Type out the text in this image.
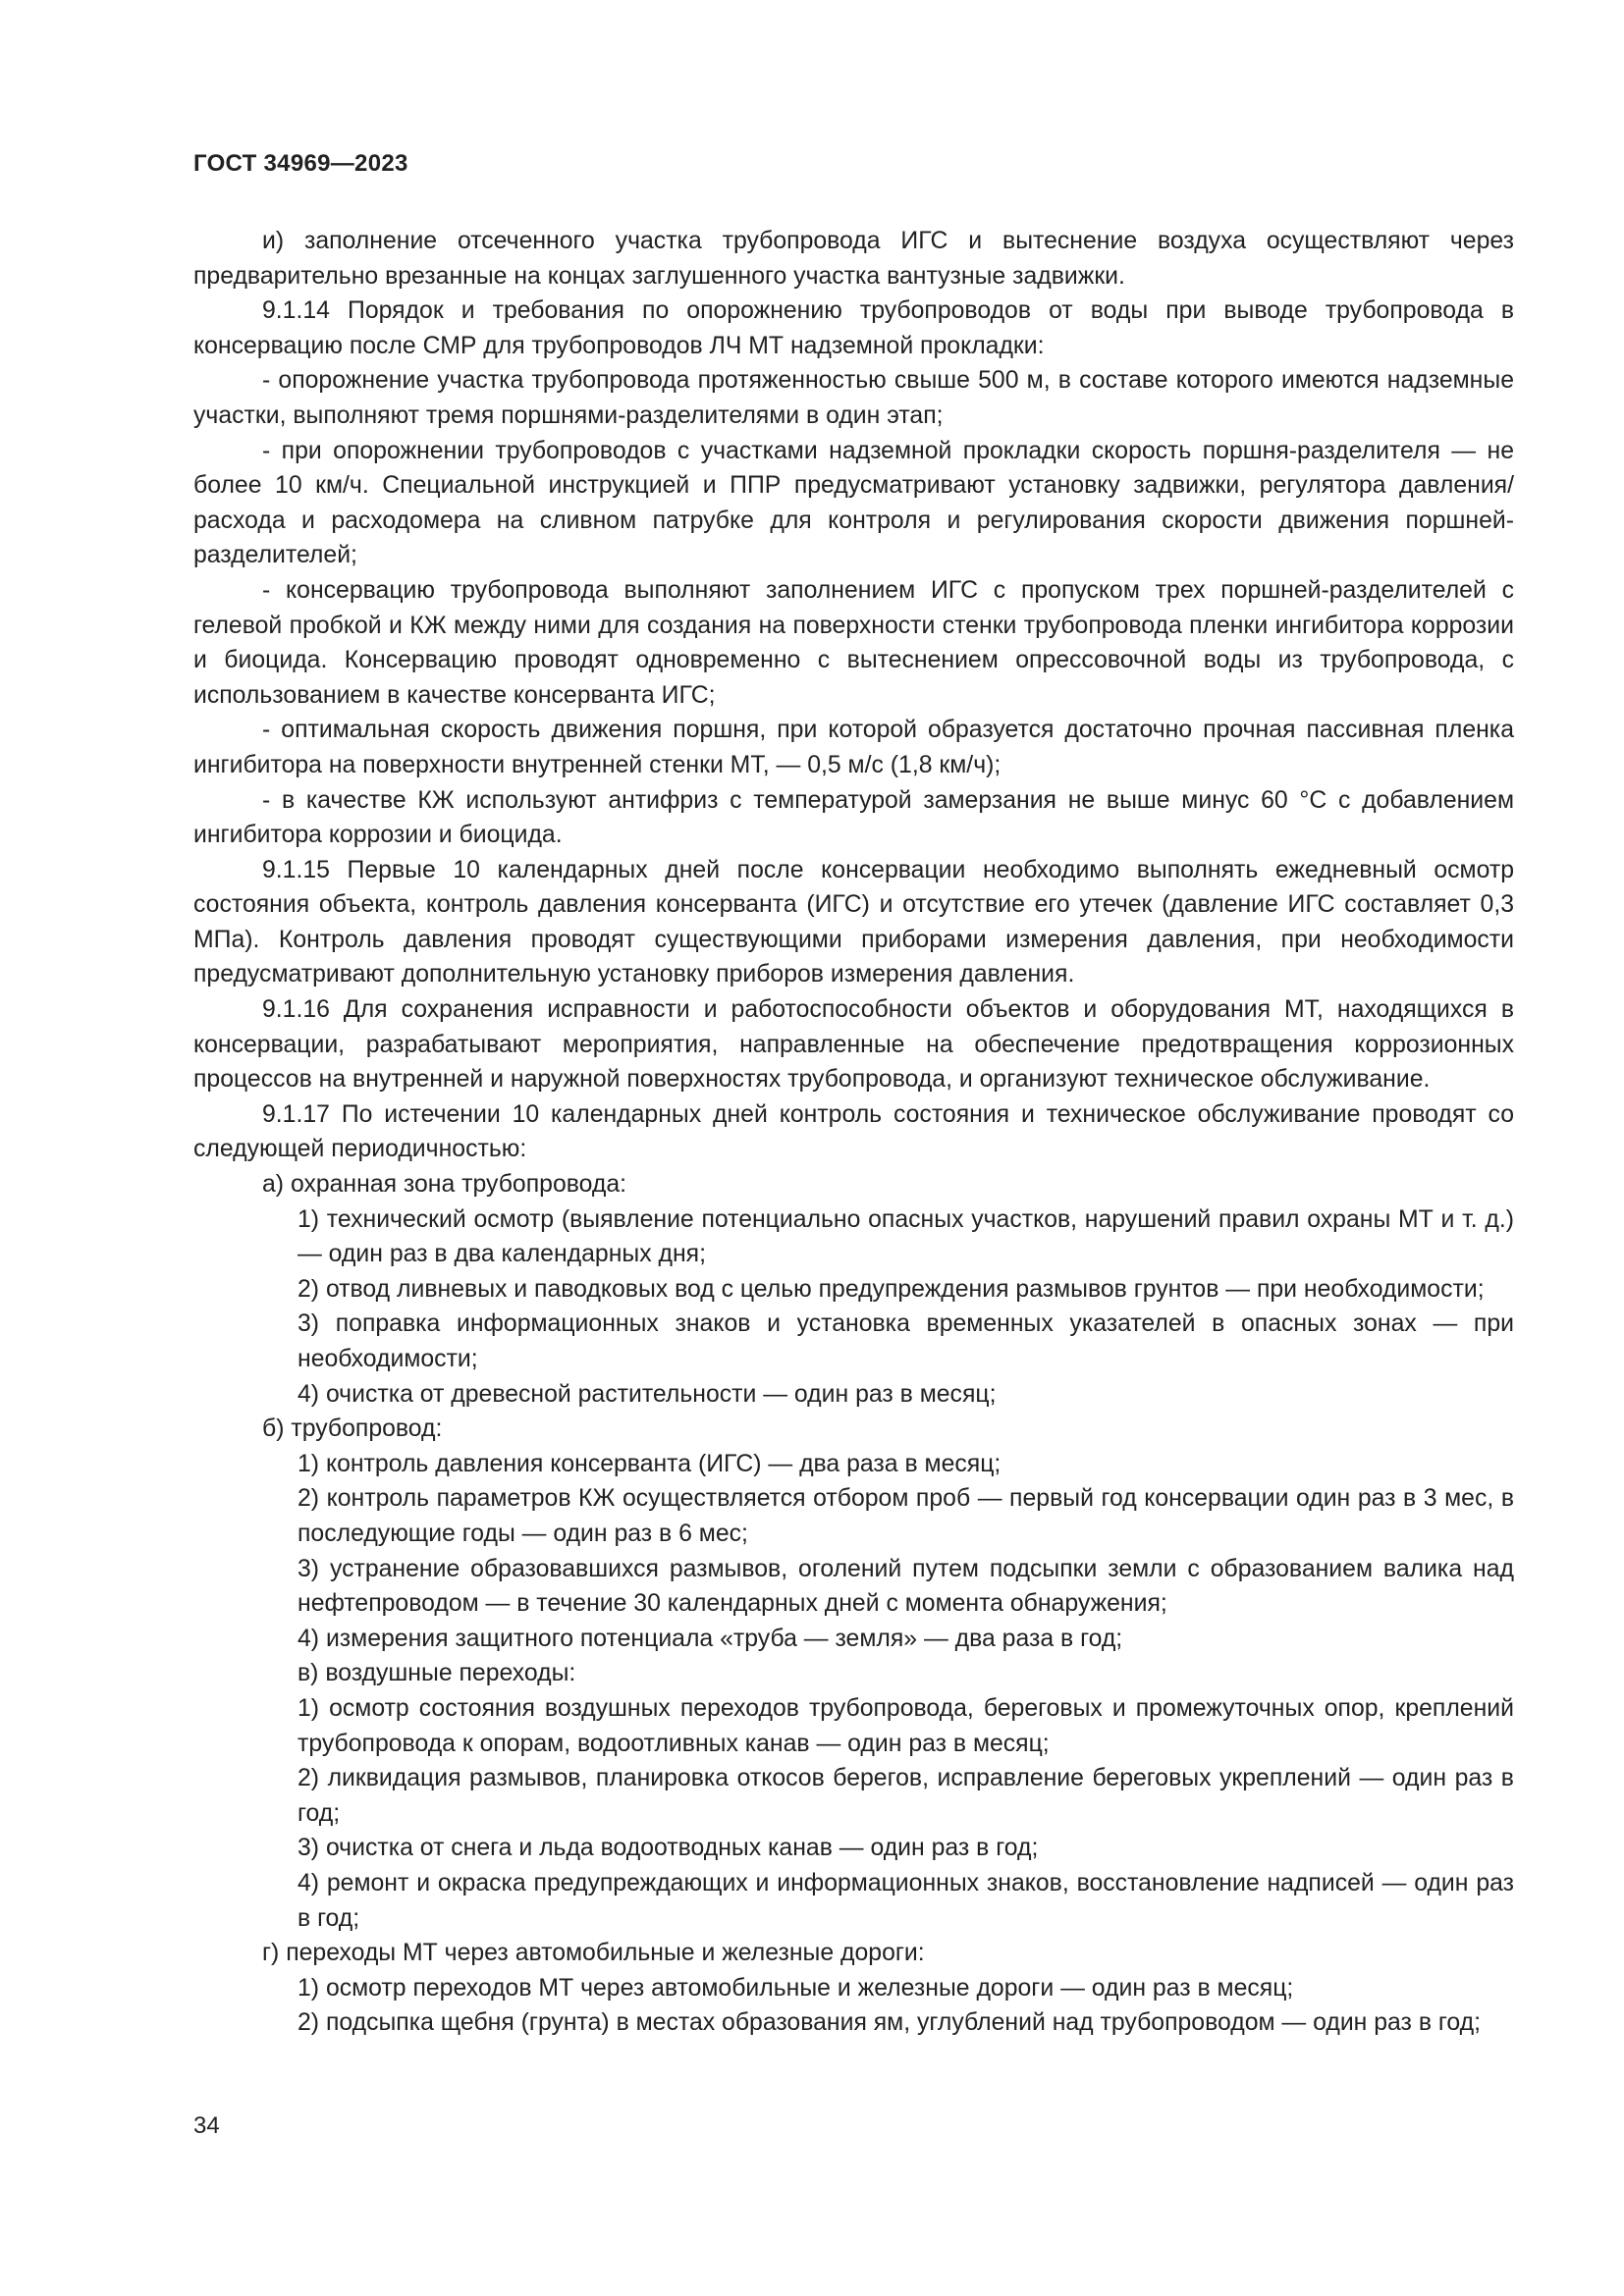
ГОСТ 34969—2023

и) заполнение отсеченного участка трубопровода ИГС и вытеснение воздуха осуществляют через предварительно врезанные на концах заглушенного участка вантузные задвижки.

9.1.14 Порядок и требования по опорожнению трубопроводов от воды при выводе трубопровода в консервацию после СМР для трубопроводов ЛЧ МТ надземной прокладки:

- опорожнение участка трубопровода протяженностью свыше 500 м, в составе которого имеются надземные участки, выполняют тремя поршнями-разделителями в один этап;

- при опорожнении трубопроводов с участками надземной прокладки скорость поршня-разделителя — не более 10 км/ч. Специальной инструкцией и ППР предусматривают установку задвижки, регулятора давления/расхода и расходомера на сливном патрубке для контроля и регулирования скорости движения поршней-разделителей;

- консервацию трубопровода выполняют заполнением ИГС с пропуском трех поршней-разделителей с гелевой пробкой и КЖ между ними для создания на поверхности стенки трубопровода пленки ингибитора коррозии и биоцида. Консервацию проводят одновременно с вытеснением опрессовочной воды из трубопровода, с использованием в качестве консерванта ИГС;

- оптимальная скорость движения поршня, при которой образуется достаточно прочная пассивная пленка ингибитора на поверхности внутренней стенки МТ, — 0,5 м/с (1,8 км/ч);

- в качестве КЖ используют антифриз с температурой замерзания не выше минус 60 °С с добавлением ингибитора коррозии и биоцида.

9.1.15 Первые 10 календарных дней после консервации необходимо выполнять ежедневный осмотр состояния объекта, контроль давления консерванта (ИГС) и отсутствие его утечек (давление ИГС составляет 0,3 МПа). Контроль давления проводят существующими приборами измерения давления, при необходимости предусматривают дополнительную установку приборов измерения давления.

9.1.16 Для сохранения исправности и работоспособности объектов и оборудования МТ, находящихся в консервации, разрабатывают мероприятия, направленные на обеспечение предотвращения коррозионных процессов на внутренней и наружной поверхностях трубопровода, и организуют техническое обслуживание.

9.1.17 По истечении 10 календарных дней контроль состояния и техническое обслуживание проводят со следующей периодичностью:

а) охранная зона трубопровода:

1) технический осмотр (выявление потенциально опасных участков, нарушений правил охраны МТ и т. д.) — один раз в два календарных дня;

2) отвод ливневых и паводковых вод с целью предупреждения размывов грунтов — при необходимости;

3) поправка информационных знаков и установка временных указателей в опасных зонах — при необходимости;

4) очистка от древесной растительности — один раз в месяц;

б) трубопровод:

1) контроль давления консерванта (ИГС) — два раза в месяц;

2) контроль параметров КЖ осуществляется отбором проб — первый год консервации один раз в 3 мес, в последующие годы — один раз в 6 мес;

3) устранение образовавшихся размывов, оголений путем подсыпки земли с образованием валика над нефтепроводом — в течение 30 календарных дней с момента обнаружения;

4) измерения защитного потенциала «труба — земля» — два раза в год;

в) воздушные переходы:

1) осмотр состояния воздушных переходов трубопровода, береговых и промежуточных опор, креплений трубопровода к опорам, водоотливных канав — один раз в месяц;

2) ликвидация размывов, планировка откосов берегов, исправление береговых укреплений — один раз в год;

3) очистка от снега и льда водоотводных канав — один раз в год;

4) ремонт и окраска предупреждающих и информационных знаков, восстановление надписей — один раз в год;

г) переходы МТ через автомобильные и железные дороги:

1) осмотр переходов МТ через автомобильные и железные дороги — один раз в месяц;

2) подсыпка щебня (грунта) в местах образования ям, углублений над трубопроводом — один раз в год;

34
